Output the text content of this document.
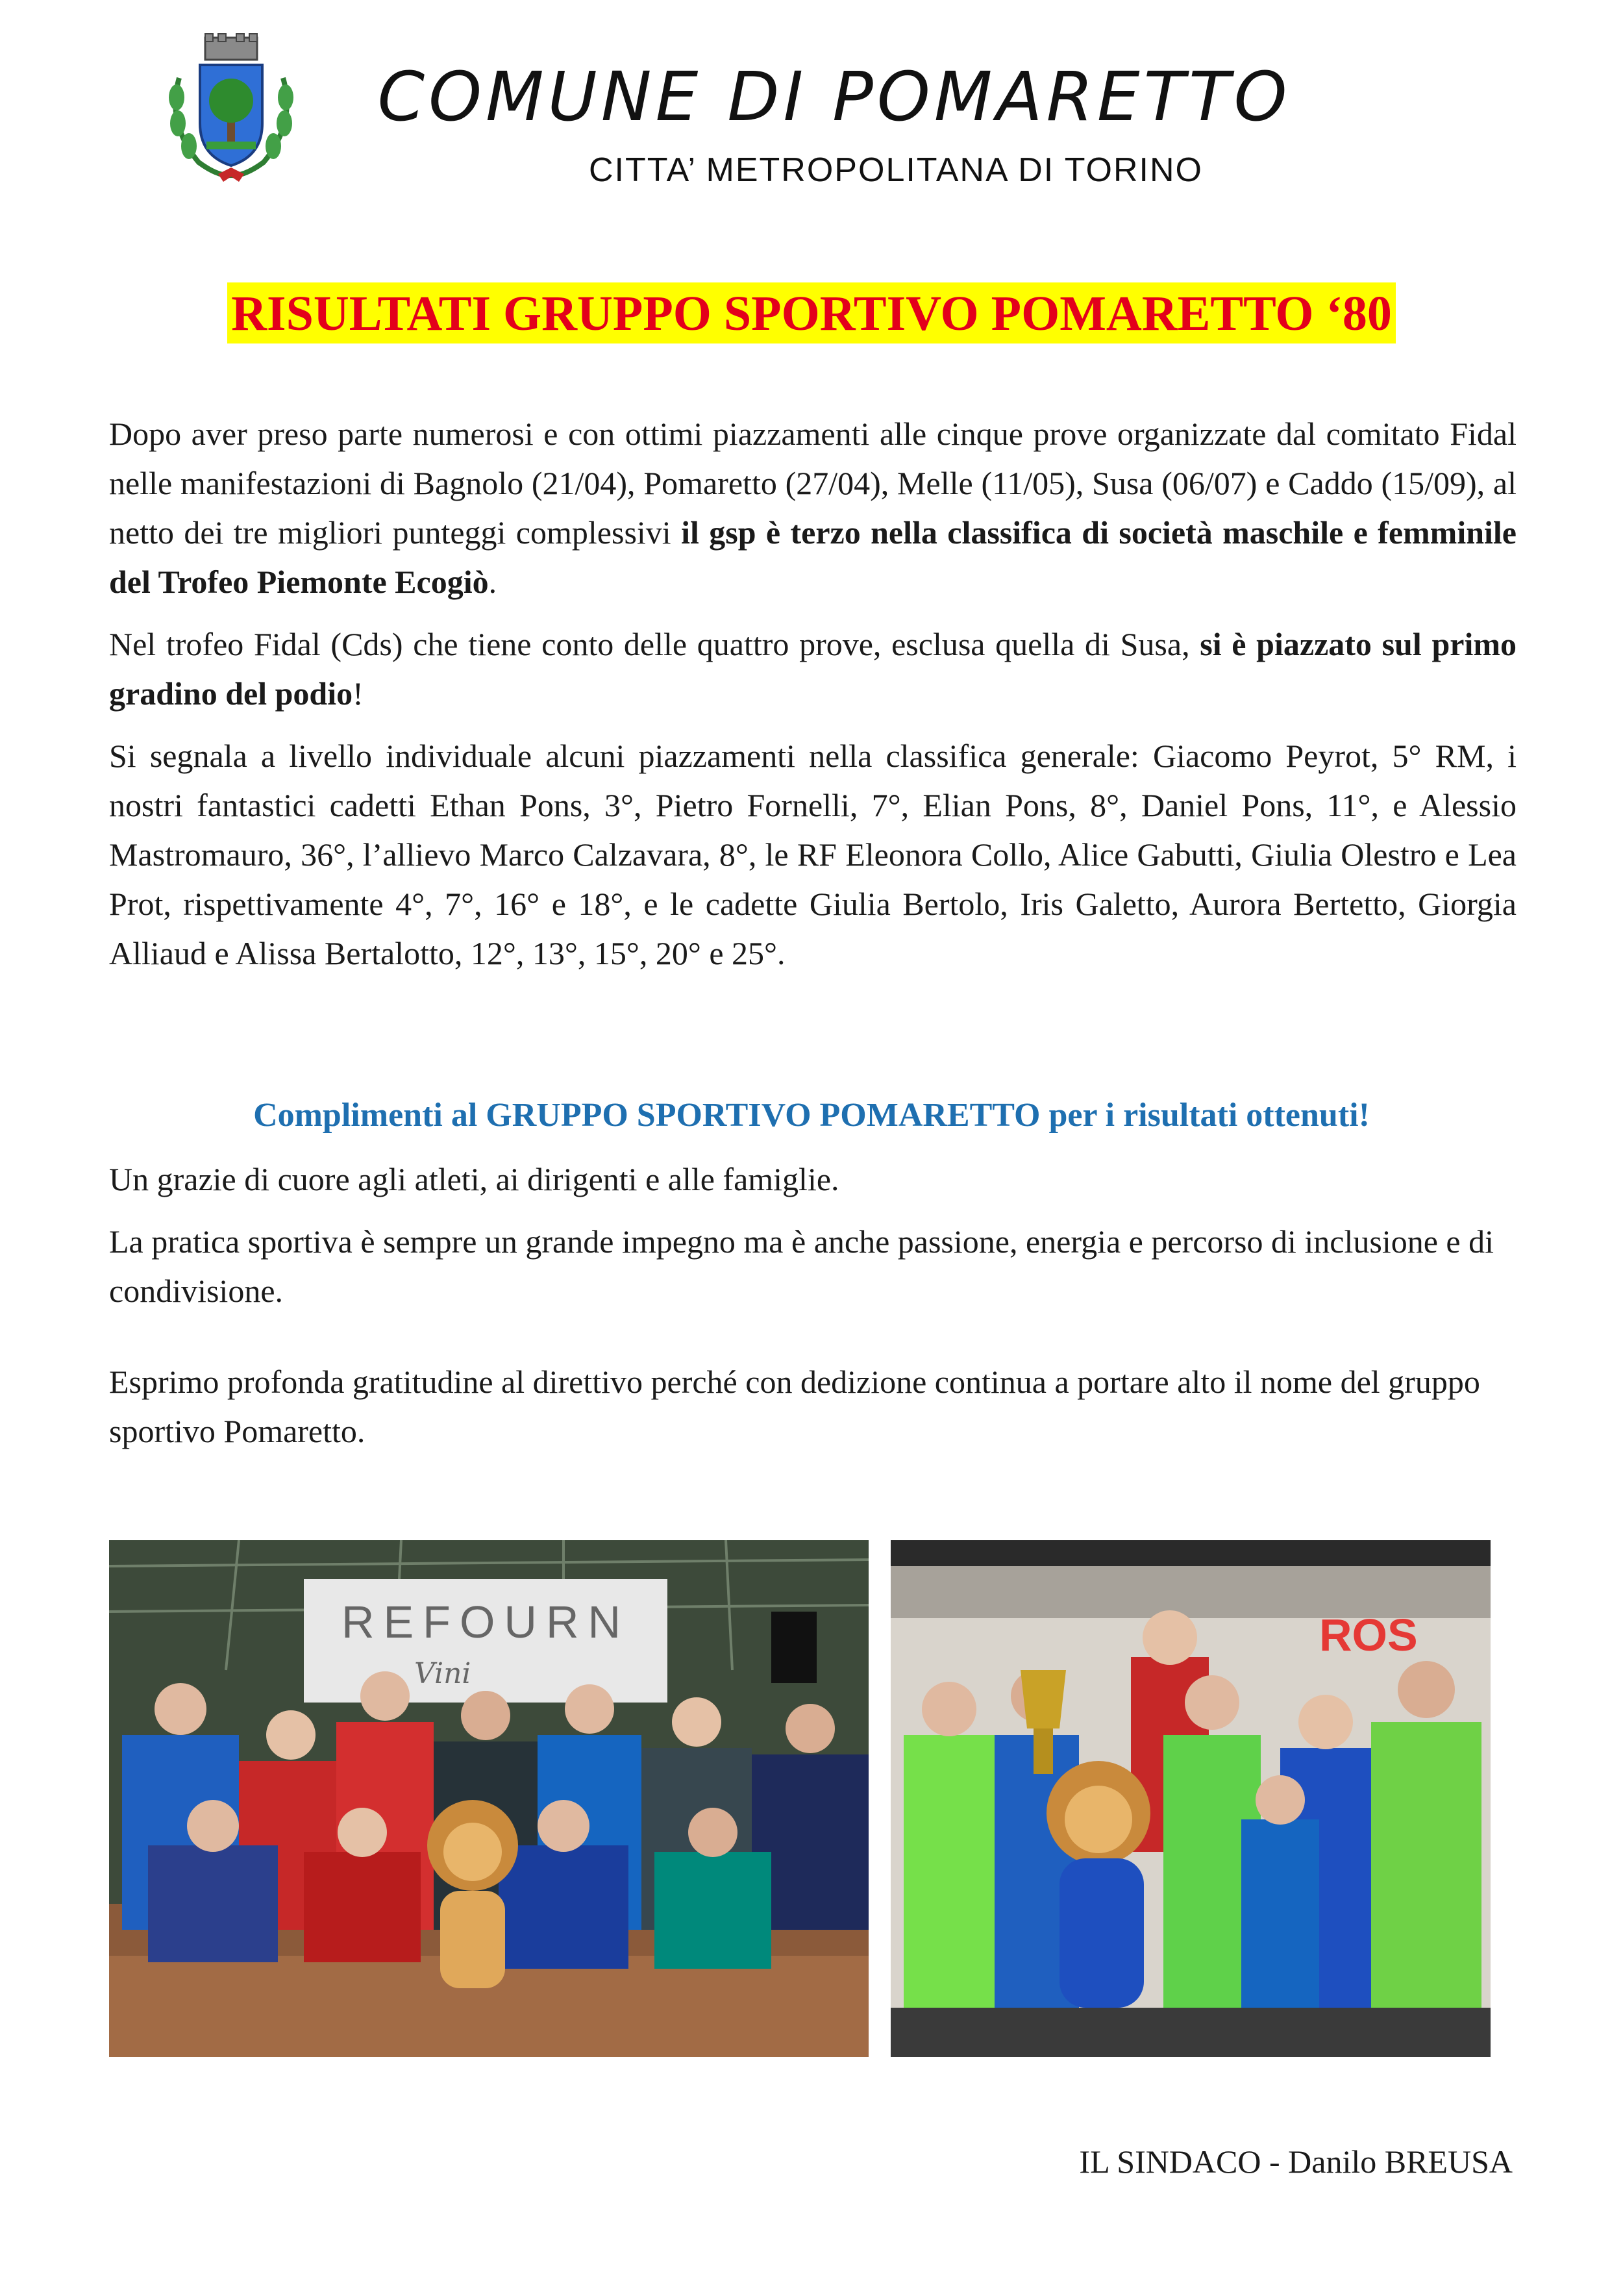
COMUNE DI POMARETTO
CITTA’ METROPOLITANA DI TORINO
RISULTATI GRUPPO SPORTIVO POMARETTO ‘80

Dopo aver preso parte numerosi e con ottimi piazzamenti alle cinque prove organizzate dal comitato Fidal nelle manifestazioni di Bagnolo (21/04), Pomaretto (27/04), Melle (11/05), Susa (06/07) e Caddo (15/09), al netto dei tre migliori punteggi complessivi il gsp è terzo nella classifica di società maschile e femminile del Trofeo Piemonte Ecogiò.

Nel trofeo Fidal (Cds) che tiene conto delle quattro prove, esclusa quella di Susa, si è piazzato sul primo gradino del podio!

Si segnala a livello individuale alcuni piazzamenti nella classifica generale: Giacomo Peyrot, 5° RM, i nostri fantastici cadetti Ethan Pons, 3°, Pietro Fornelli, 7°, Elian Pons, 8°, Daniel Pons, 11°, e Alessio Mastromauro, 36°, l’allievo Marco Calzavara, 8°, le RF Eleonora Collo, Alice Gabutti, Giulia Olestro e Lea Prot, rispettivamente 4°, 7°, 16° e 18°, e le cadette Giulia Bertolo, Iris Galetto, Aurora Bertetto, Giorgia Alliaud e Alissa Bertalotto, 12°, 13°, 15°, 20° e 25°.

Complimenti al GRUPPO SPORTIVO POMARETTO per i risultati ottenuti!

Un grazie di cuore agli atleti, ai dirigenti e alle famiglie.

La pratica sportiva è sempre un grande impegno ma è anche passione, energia e percorso di inclusione e di condivisione.

Esprimo profonda gratitudine al direttivo perché con dedizione continua a portare alto il nome del gruppo sportivo Pomaretto.

REFOURN
Vini
ROS
IL SINDACO - Danilo BREUSA
